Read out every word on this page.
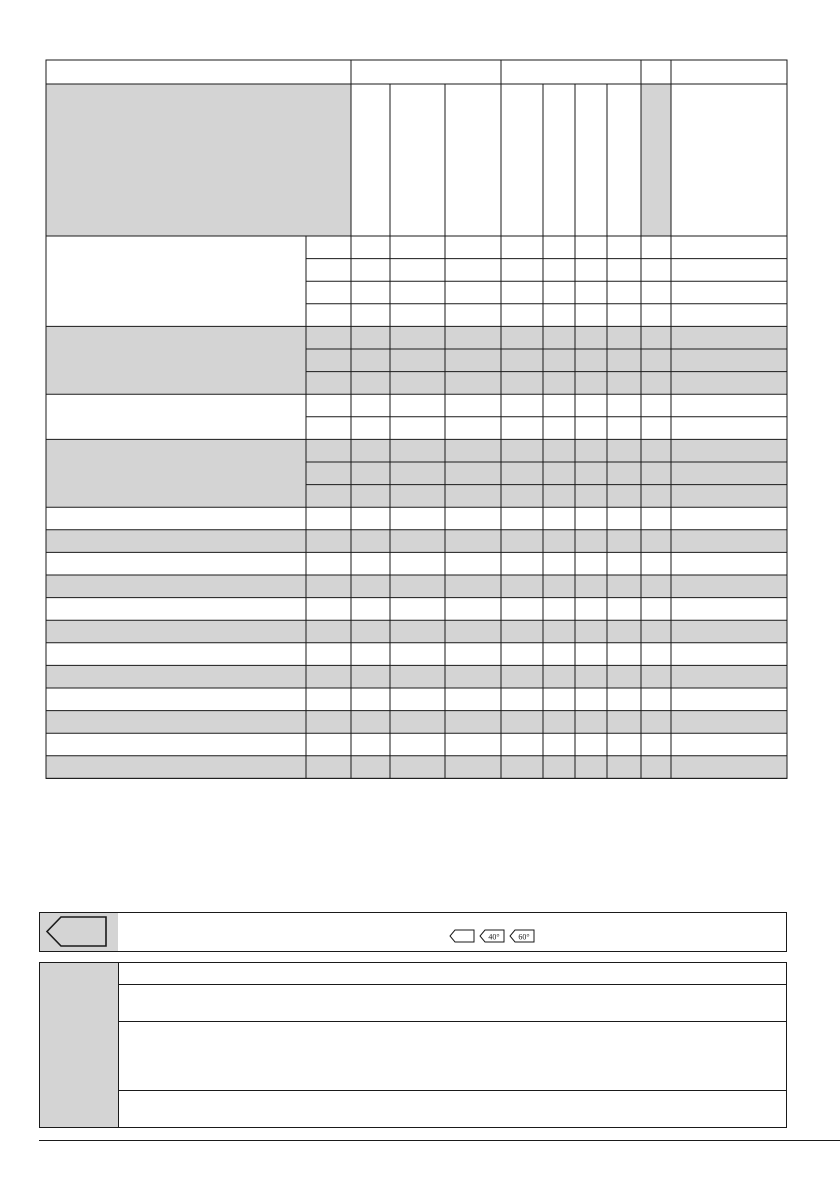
40° 60°
